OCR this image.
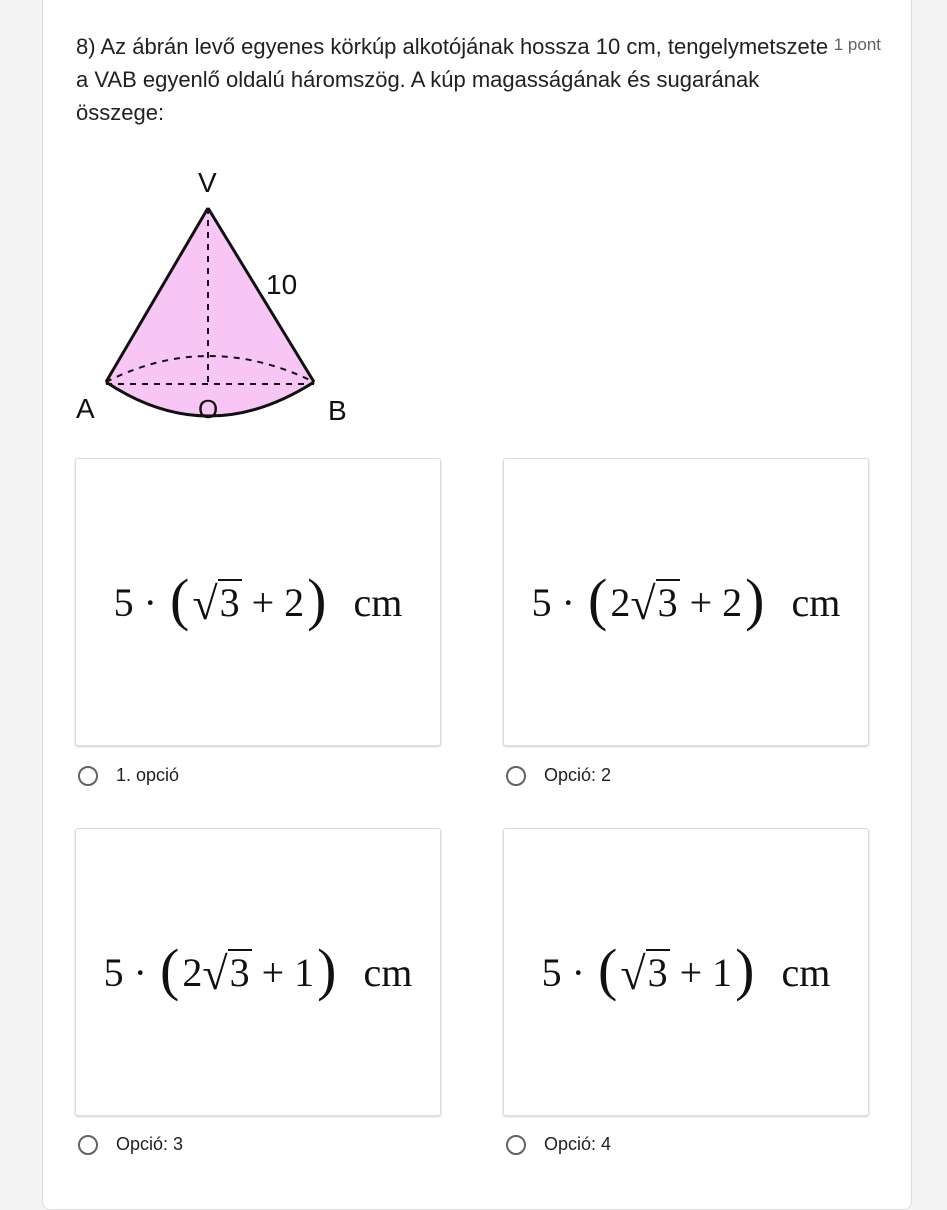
8) Az ábrán levő egyenes körkúp alkotójának hossza 10 cm, tengelymetszete a VAB egyenlő oldalú háromszög. A kúp magasságának és sugarának összege:
1 pont
V
A	B
O
10
5 · ( √ 3 + 2 ) cm
1. opció
5 · ( 2 √ 3 + 2 ) cm
Opció: 2
5 · ( 2 √ 3 + 1 ) cm
Opció: 3
5 · ( √ 3 + 1 ) cm
Opció: 4
